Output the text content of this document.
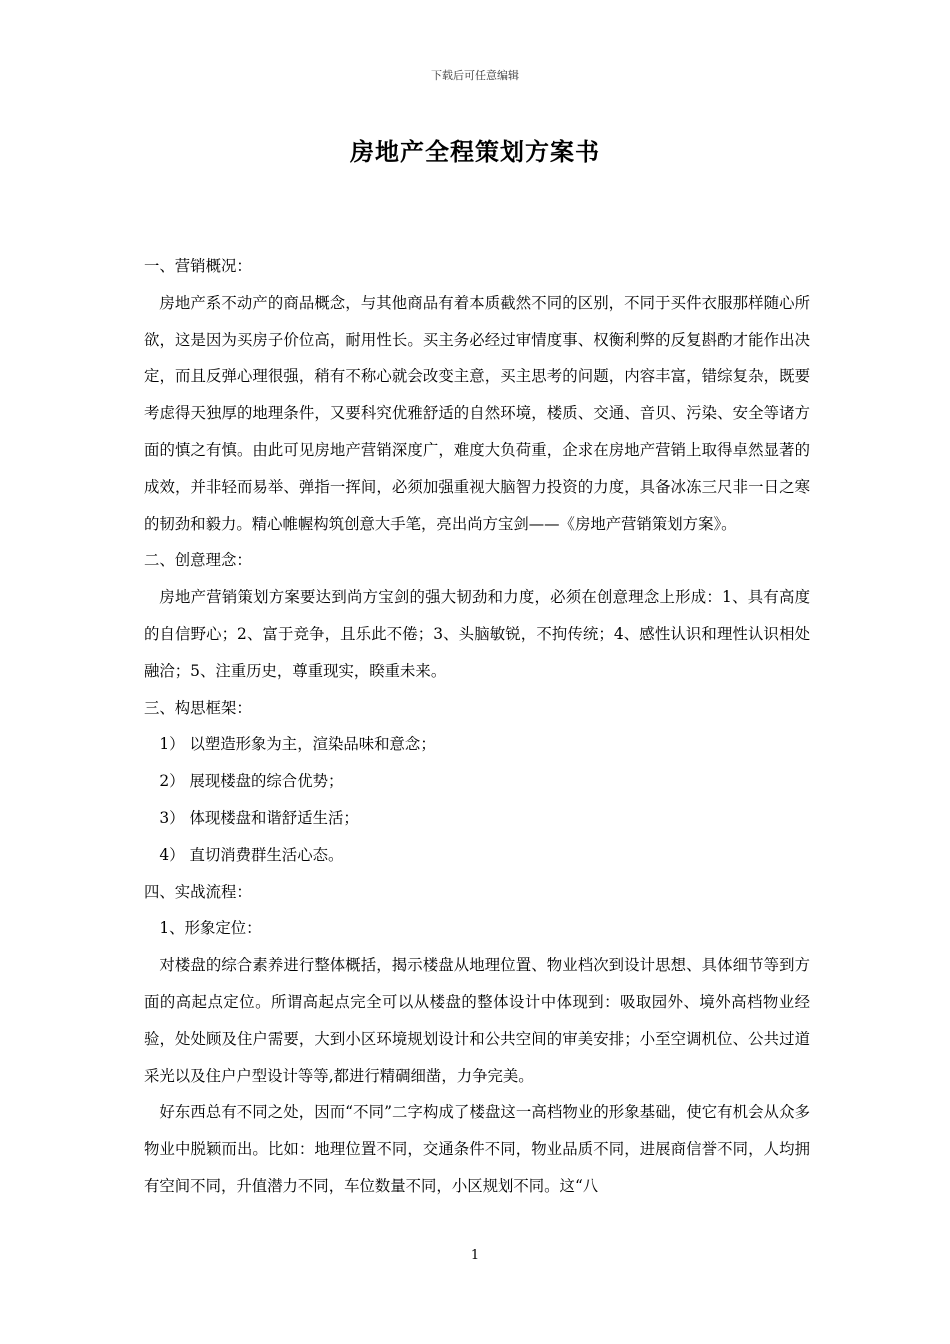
下载后可任意编辑
房地产全程策划方案书

一、营销概况：

房地产系不动产的商品概念，与其他商品有着本质截然不同的区别，不同于买件衣服那样随心所欲，这是因为买房子价位高，耐用性长。买主务必经过审情度事、权衡利弊的反复斟酌才能作出决定，而且反弹心理很强，稍有不称心就会改变主意，买主思考的问题，内容丰富，错综复杂，既要考虑得天独厚的地理条件，又要科究优雅舒适的自然环境，楼质、交通、音贝、污染、安全等诸方面的慎之有慎。由此可见房地产营销深度广，难度大负荷重，企求在房地产营销上取得卓然显著的成效，并非轻而易举、弹指一挥间，必须加强重视大脑智力投资的力度，具备冰冻三尺非一日之寒的韧劲和毅力。精心帷幄构筑创意大手笔，亮出尚方宝剑——《房地产营销策划方案》。

二、创意理念：

房地产营销策划方案要达到尚方宝剑的强大韧劲和力度，必须在创意理念上形成：1、具有高度的自信野心；2、富于竞争，且乐此不倦；3、头脑敏锐，不拘传统；4、感性认识和理性认识相处融洽；5、注重历史，尊重现实，睽重未来。

三、构思框架：

1） 以塑造形象为主，渲染品味和意念；

2） 展现楼盘的综合优势；

3） 体现楼盘和谐舒适生活；

4） 直切消费群生活心态。

四、实战流程：

1、形象定位：

对楼盘的综合素养进行整体概括，揭示楼盘从地理位置、物业档次到设计思想、具体细节等到方面的高起点定位。所谓高起点完全可以从楼盘的整体设计中体现到：吸取园外、境外高档物业经验，处处顾及住户需要，大到小区环境规划设计和公共空间的审美安排；小至空调机位、公共过道采光以及住户户型设计等等,都进行精碉细凿，力争完美。

好东西总有不同之处，因而“不同”二字构成了楼盘这一高档物业的形象基础，使它有机会从众多物业中脱颖而出。比如：地理位置不同，交通条件不同，物业品质不同，进展商信誉不同，人均拥有空间不同，升值潜力不同，车位数量不同，小区规划不同。这“八

1
